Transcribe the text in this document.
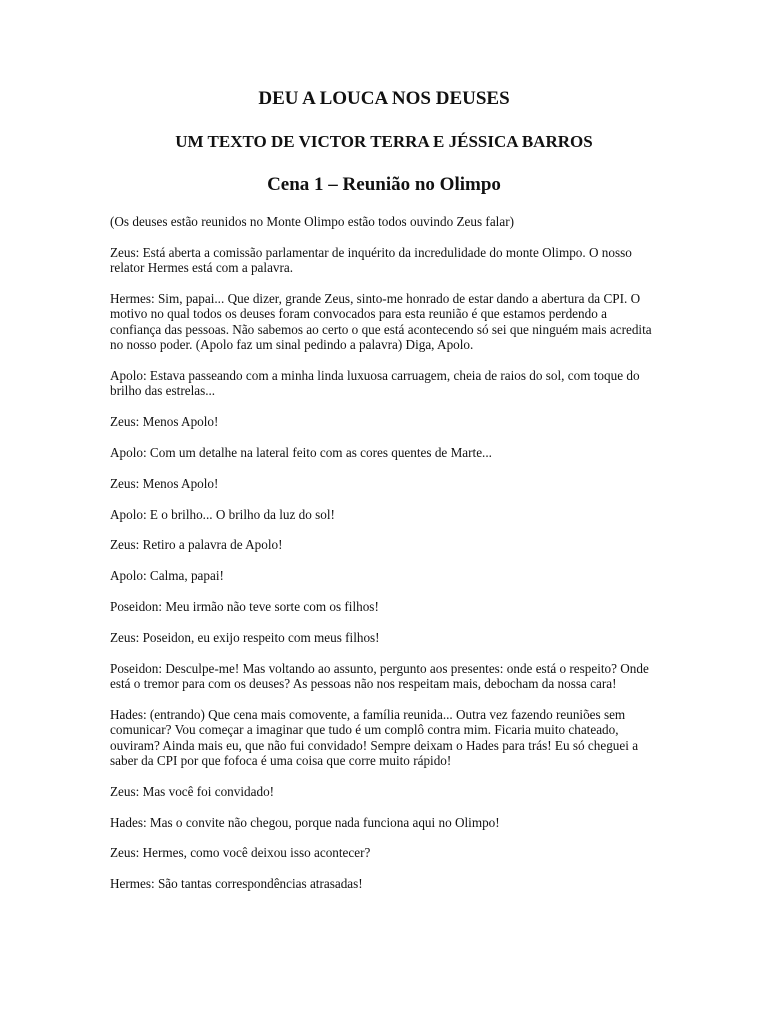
DEU A LOUCA NOS DEUSES
UM TEXTO DE VICTOR TERRA E JÉSSICA BARROS
Cena 1 – Reunião no Olimpo

(Os deuses estão reunidos no Monte Olimpo estão todos ouvindo Zeus falar)

Zeus: Está aberta a comissão parlamentar de inquérito da incredulidade do monte Olimpo. O nosso relator Hermes está com a palavra.

Hermes: Sim, papai... Que dizer, grande Zeus, sinto-me honrado de estar dando a abertura da CPI. O motivo no qual todos os deuses foram convocados para esta reunião é que estamos perdendo a confiança das pessoas. Não sabemos ao certo o que está acontecendo só sei que ninguém mais acredita no nosso poder. (Apolo faz um sinal pedindo a palavra) Diga, Apolo.

Apolo: Estava passeando com a minha linda luxuosa carruagem, cheia de raios do sol, com toque do brilho das estrelas...

Zeus: Menos Apolo!

Apolo: Com um detalhe na lateral feito com as cores quentes de Marte...

Zeus: Menos Apolo!

Apolo: E o brilho... O brilho da luz do sol!

Zeus: Retiro a palavra de Apolo!

Apolo: Calma, papai!

Poseidon: Meu irmão não teve sorte com os filhos!

Zeus: Poseidon, eu exijo respeito com meus filhos!

Poseidon: Desculpe-me! Mas voltando ao assunto, pergunto aos presentes: onde está o respeito? Onde está o tremor para com os deuses? As pessoas não nos respeitam mais, debocham da nossa cara!

Hades: (entrando) Que cena mais comovente, a família reunida... Outra vez fazendo reuniões sem comunicar? Vou começar a imaginar que tudo é um complô contra mim. Ficaria muito chateado, ouviram? Ainda mais eu, que não fui convidado! Sempre deixam o Hades para trás! Eu só cheguei a saber da CPI por que fofoca é uma coisa que corre muito rápido!

Zeus: Mas você foi convidado!

Hades: Mas o convite não chegou, porque nada funciona aqui no Olimpo!

Zeus: Hermes, como você deixou isso acontecer?

Hermes: São tantas correspondências atrasadas!
